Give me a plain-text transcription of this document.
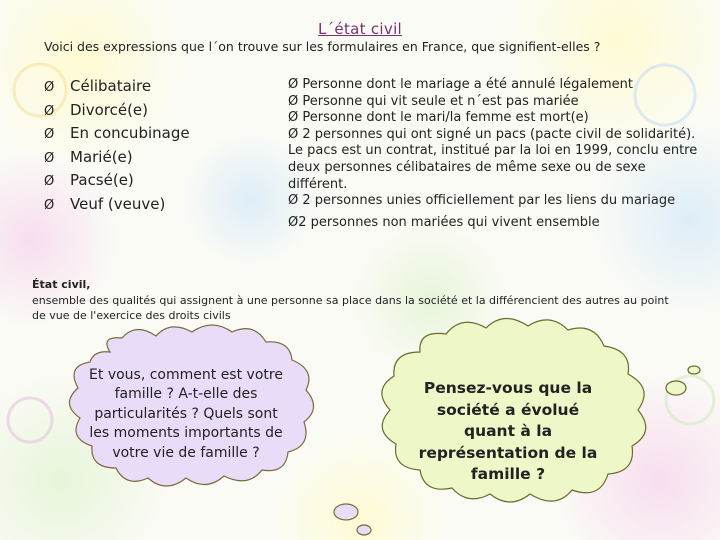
L´état civil
Voici des expressions que l´on trouve sur les formulaires en France, que signifient-elles ?
Ø Célibataire
Ø Divorcé(e)
Ø En concubinage
Ø Marié(e)
Ø Pacsé(e)
Ø Veuf (veuve)

Ø Personne dont le mariage a été annulé légalement

Ø Personne qui vit seule et n´est pas mariée

Ø Personne dont le mari/la femme est mort(e)

Ø 2 personnes qui ont signé un pacs (pacte civil de solidarité). Le pacs est un contrat, institué par la loi en 1999, conclu entre deux personnes célibataires de même sexe ou de sexe différent.

Ø 2 personnes unies officiellement par les liens du mariage

Ø2 personnes non mariées qui vivent ensemble

État civil,
ensemble des qualités qui assignent à une personne sa place dans la société et la différencient des autres au point de vue de l'exercice des droits civils
Et vous, comment est votre famille ? A-t-elle des particularités ? Quels sont les moments importants de votre vie de famille ?
Pensez-vous que la société a évolué quant à la représentation de la famille ?
